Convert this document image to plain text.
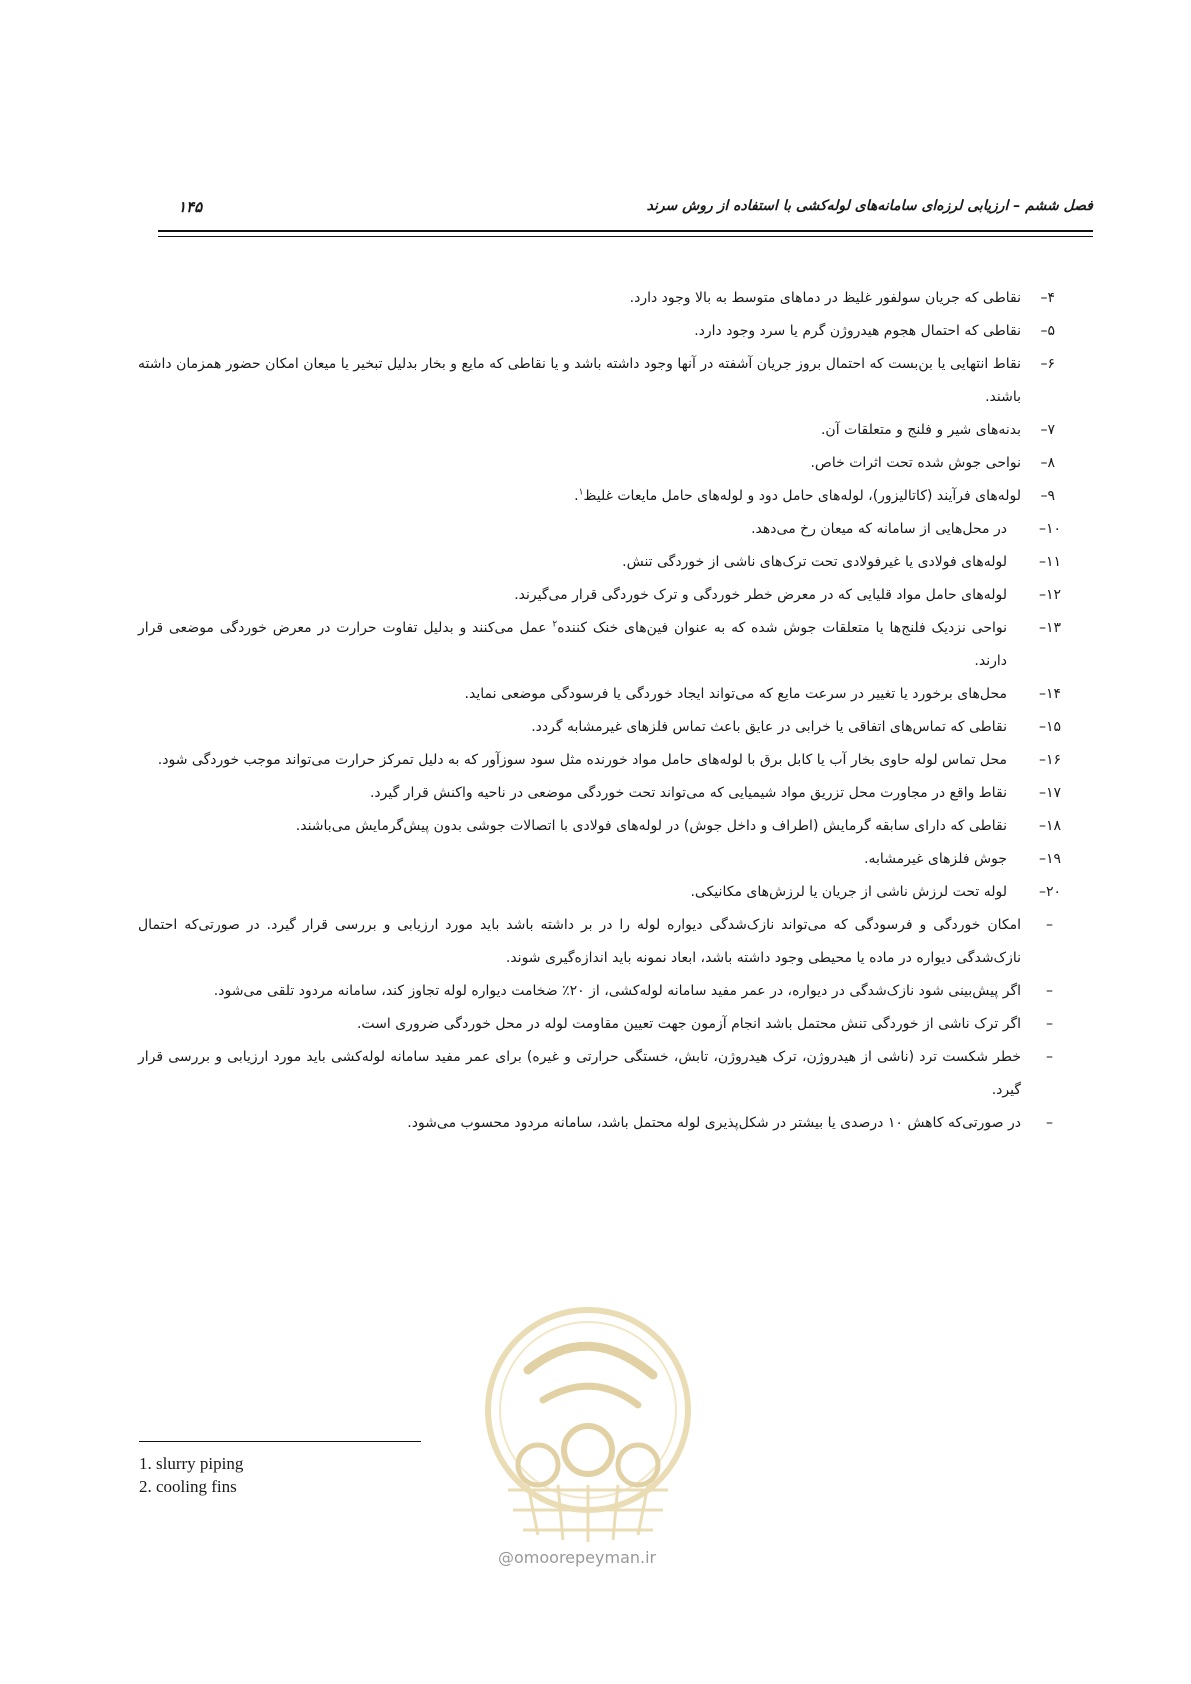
۱۴۵	فصل ششم – ارزیابی لرزه‌ای سامانه‌های لوله‌کشی با استفاده از روش سرند
۴–
نقاطی که جریان سولفور غلیظ در دماهای متوسط به بالا وجود دارد.
۵–
نقاطی که احتمال هجوم هیدروژن گرم یا سرد وجود دارد.
۶–
نقاط انتهایی یا بن‌بست که احتمال بروز جریان آشفته در آنها وجود داشته باشد و یا نقاطی که مایع و بخار بدلیل تبخیر یا میعان امکان حضور همزمان داشته باشند.
۷–
بدنه‌های شیر و فلنج و متعلقات آن.
۸–
نواحی جوش شده تحت اثرات خاص.
۹–
لوله‌های فرآیند (کاتالیزور)، لوله‌های حامل دود و لوله‌های حامل مایعات غلیظ$^۱$.
۱۰–
در محل‌هایی از سامانه که میعان رخ می‌دهد.
۱۱–
لوله‌های فولادی یا غیرفولادی تحت ترک‌های ناشی از خوردگی تنش.
۱۲–
لوله‌های حامل مواد قلیایی که در معرض خطر خوردگی و ترک خوردگی قرار می‌گیرند.
۱۳–
نواحی نزدیک فلنج‌ها یا متعلقات جوش شده که به عنوان فین‌های خنک کننده$^۲$ عمل می‌کنند و بدلیل تفاوت حرارت در معرض خوردگی موضعی قرار دارند.
۱۴–
محل‌های برخورد یا تغییر در سرعت مایع که می‌تواند ایجاد خوردگی یا فرسودگی موضعی نماید.
۱۵–
نقاطی که تماس‌های اتفاقی یا خرابی در عایق باعث تماس فلزهای غیرمشابه گردد.
۱۶–
محل تماس لوله حاوی بخار آب یا کابل برق با لوله‌های حامل مواد خورنده مثل سود سوزآور که به دلیل تمرکز حرارت می‌تواند موجب خوردگی شود.
۱۷–
نقاط واقع در مجاورت محل تزریق مواد شیمیایی که می‌تواند تحت خوردگی موضعی در ناحیه واکنش قرار گیرد.
۱۸–
نقاطی که دارای سابقه گرمایش (اطراف و داخل جوش) در لوله‌های فولادی با اتصالات جوشی بدون پیش‌گرمایش می‌باشند.
۱۹–
جوش فلزهای غیرمشابه.
۲۰–
لوله تحت لرزش ناشی از جریان یا لرزش‌های مکانیکی.
–
امکان خوردگی و فرسودگی که می‌تواند نازک‌شدگی دیواره لوله را در بر داشته باشد باید مورد ارزیابی و بررسی قرار گیرد. در صورتی‌که احتمال نازک‌شدگی دیواره در ماده یا محیطی وجود داشته باشد، ابعاد نمونه باید اندازه‌گیری شوند.
–
اگر پیش‌بینی شود نازک‌شدگی در دیواره، در عمر مفید سامانه لوله‌کشی، از ۲۰٪ ضخامت دیواره لوله تجاوز کند، سامانه مردود تلقی می‌شود.
–
اگر ترک ناشی از خوردگی تنش محتمل باشد انجام آزمون جهت تعیین مقاومت لوله در محل خوردگی ضروری است.
–
خطر شکست ترد (ناشی از هیدروژن، ترک هیدروژن، تابش، خستگی حرارتی و غیره) برای عمر مفید سامانه لوله‌کشی باید مورد ارزیابی و بررسی قرار گیرد.
–
در صورتی‌که کاهش ۱۰ درصدی یا بیشتر در شکل‌پذیری لوله محتمل باشد، سامانه مردود محسوب می‌شود.
@omoorepeyman.ir
1. slurry piping
2. cooling fins
